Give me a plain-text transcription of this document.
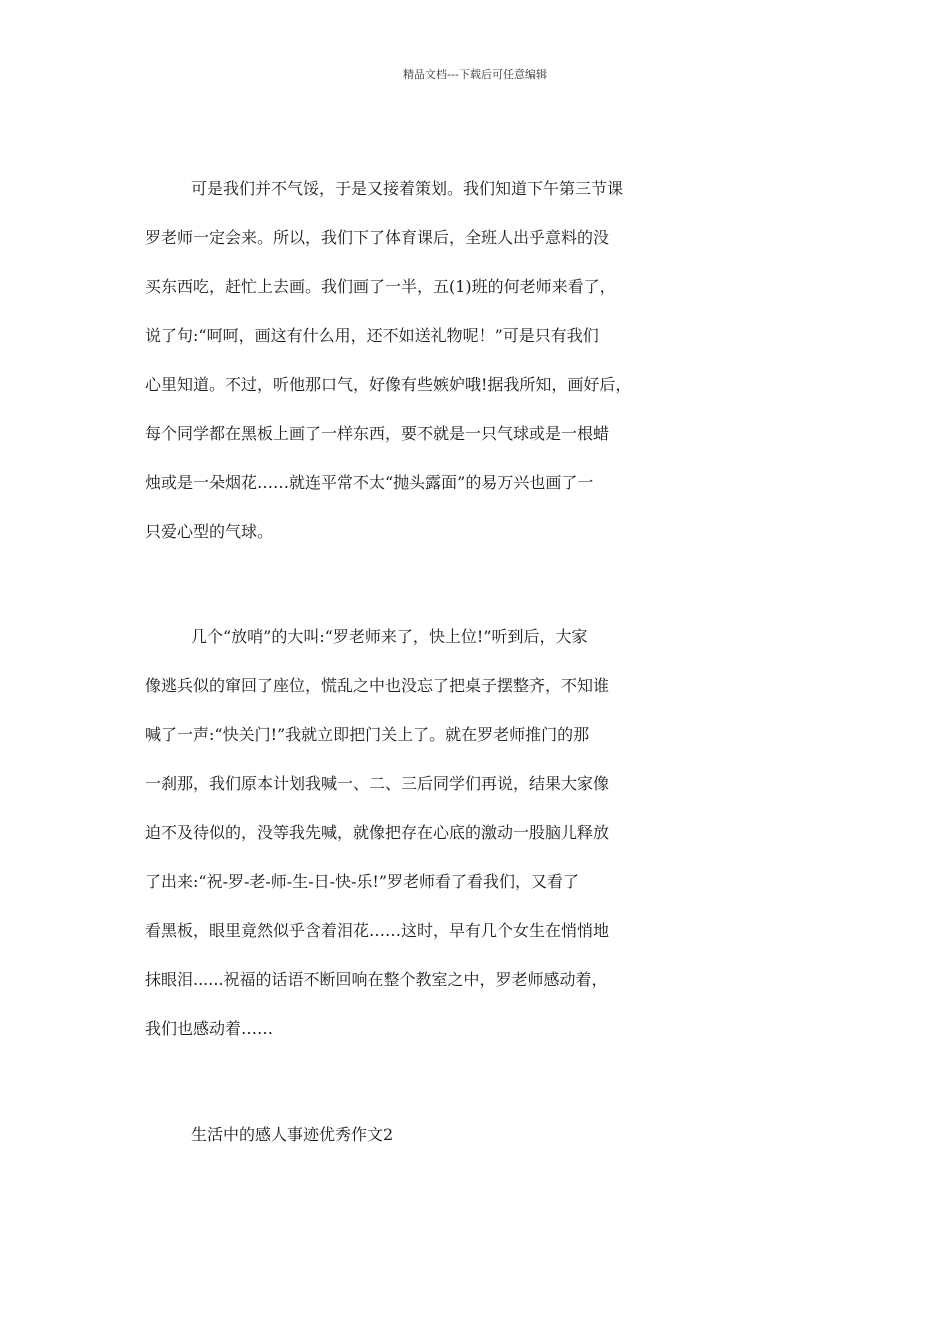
精品文档---下载后可任意编辑
可是我们并不气馁，于是又接着策划。我们知道下午第三节课
罗老师一定会来。所以，我们下了体育课后，全班人出乎意料的没
买东西吃，赶忙上去画。我们画了一半，五(1)班的何老师来看了，
说了句:“呵呵，画这有什么用，还不如送礼物呢！”可是只有我们
心里知道。不过，听他那口气，好像有些嫉妒哦!据我所知，画好后，
每个同学都在黑板上画了一样东西，要不就是一只气球或是一根蜡
烛或是一朵烟花……就连平常不太“抛头露面”的易万兴也画了一
只爱心型的气球。
几个“放哨”的大叫:“罗老师来了，快上位!”听到后，大家
像逃兵似的窜回了座位，慌乱之中也没忘了把桌子摆整齐，不知谁
喊了一声:“快关门!”我就立即把门关上了。就在罗老师推门的那
一刹那，我们原本计划我喊一、二、三后同学们再说，结果大家像
迫不及待似的，没等我先喊，就像把存在心底的激动一股脑儿释放
了出来:“祝-罗-老-师-生-日-快-乐!”罗老师看了看我们，又看了
看黑板，眼里竟然似乎含着泪花……这时，早有几个女生在悄悄地
抹眼泪......祝福的话语不断回响在整个教室之中，罗老师感动着，
我们也感动着……
生活中的感人事迹优秀作文2
